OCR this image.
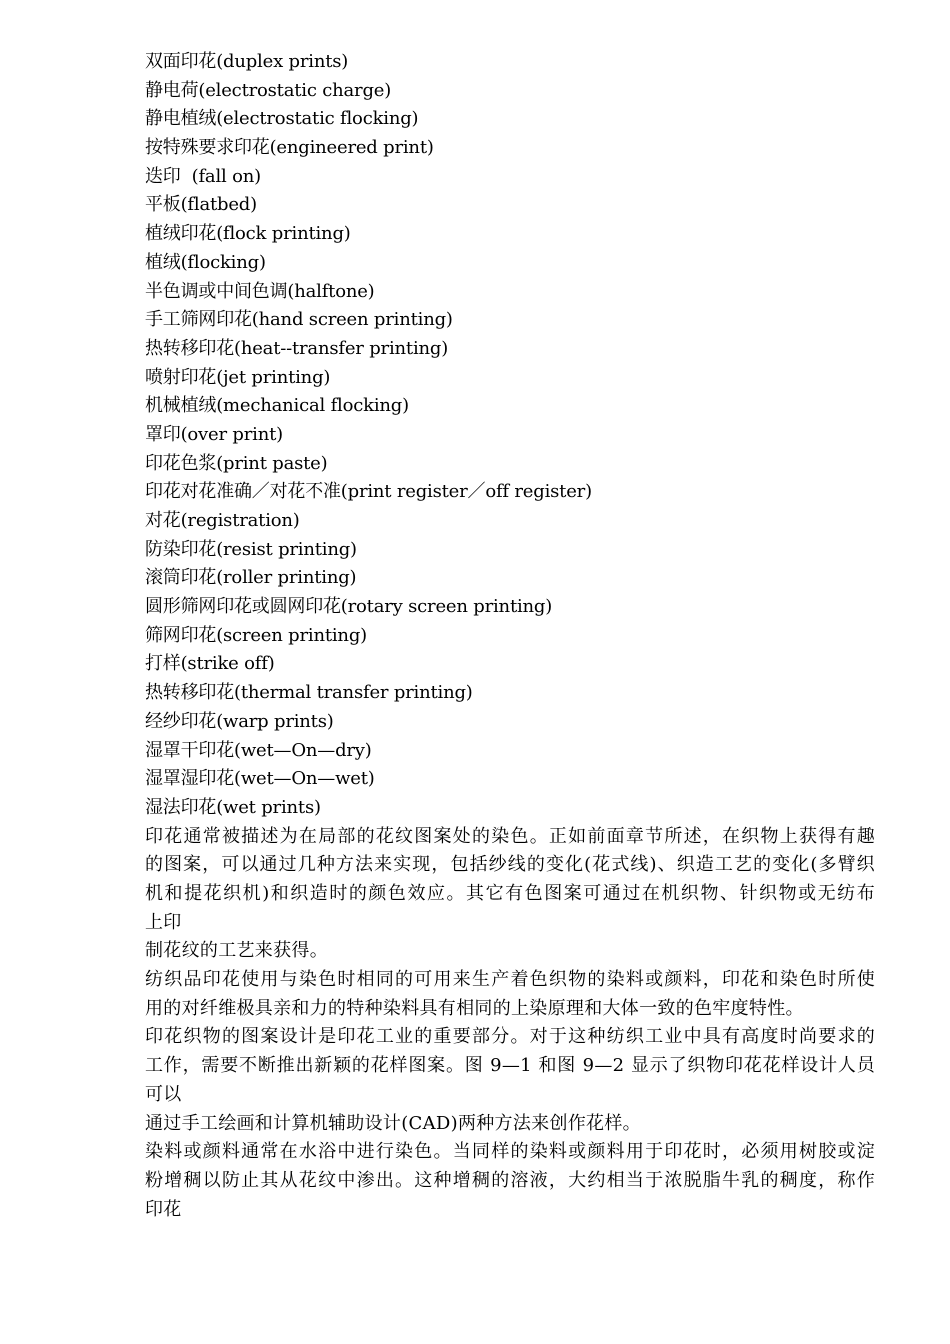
双面印花(duplex prints)
静电荷(electrostatic charge)
静电植绒(electrostatic flocking)
按特殊要求印花(engineered print)
迭印  (fall on)
平板(flatbed)
植绒印花(flock printing)
植绒(flocking)
半色调或中间色调(halftone)
手工筛网印花(hand screen printing)
热转移印花(heat--transfer printing)
喷射印花(jet printing)
机械植绒(mechanical flocking)
罩印(over print)
印花色浆(print paste)
印花对花准确／对花不准(print register／off register)
对花(registration)
防染印花(resist printing)
滚筒印花(roller printing)
圆形筛网印花或圆网印花(rotary screen printing)
筛网印花(screen printing)
打样(strike off)
热转移印花(thermal transfer printing)
经纱印花(warp prints)
湿罩干印花(wet—On—dry)
湿罩湿印花(wet—On—wet)
湿法印花(wet prints)
印花通常被描述为在局部的花纹图案处的染色。正如前面章节所述，在织物上获得有趣
的图案，可以通过几种方法来实现，包括纱线的变化(花式线)、织造工艺的变化(多臂织
机和提花织机)和织造时的颜色效应。其它有色图案可通过在机织物、针织物或无纺布
上印
制花纹的工艺来获得。
纺织品印花使用与染色时相同的可用来生产着色织物的染料或颜料，印花和染色时所使
用的对纤维极具亲和力的特种染料具有相同的上染原理和大体一致的色牢度特性。
印花织物的图案设计是印花工业的重要部分。对于这种纺织工业中具有高度时尚要求的
工作，需要不断推出新颖的花样图案。图 9—1 和图 9—2 显示了织物印花花样设计人员
可以
通过手工绘画和计算机辅助设计(CAD)两种方法来创作花样。
染料或颜料通常在水浴中进行染色。当同样的染料或颜料用于印花时，必须用树胶或淀
粉增稠以防止其从花纹中渗出。这种增稠的溶液，大约相当于浓脱脂牛乳的稠度，称作
印花
